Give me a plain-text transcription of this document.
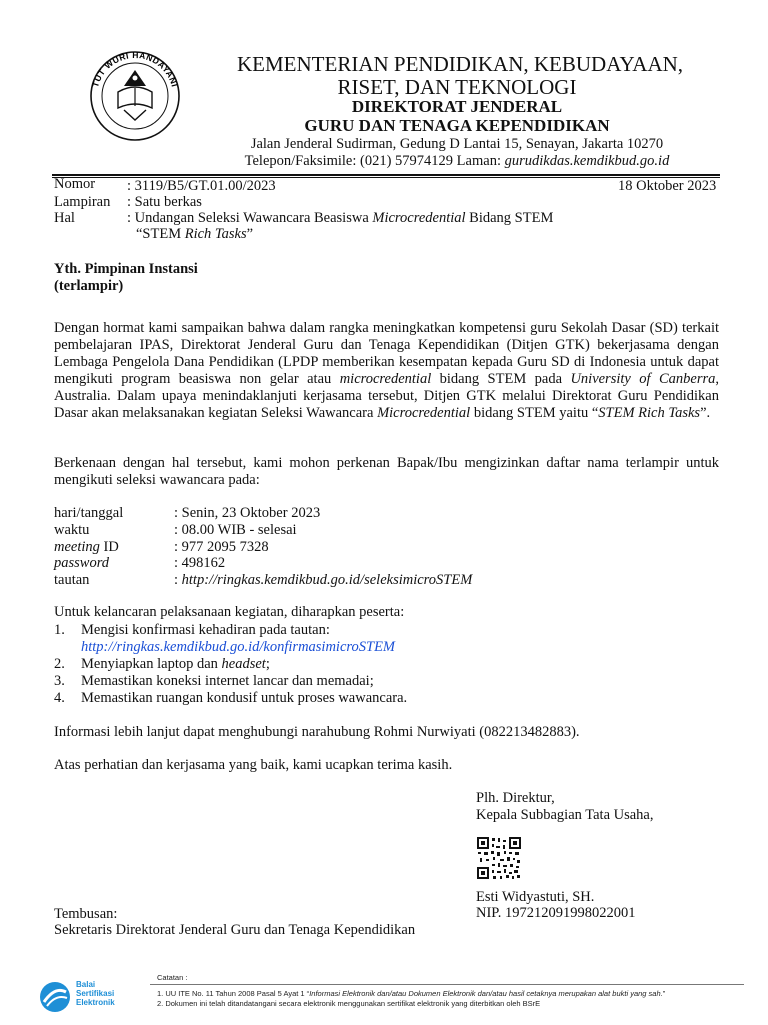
TUT WURI HANDAYANI
KEMENTERIAN PENDIDIKAN, KEBUDAYAAN,
RISET, DAN TEKNOLOGI
DIREKTORAT JENDERAL
GURU DAN TENAGA KEPENDIDIKAN
Jalan Jenderal Sudirman, Gedung D Lantai 15, Senayan, Jakarta 10270
Telepon/Faksimile: (021) 57974129 Laman: gurudikdas.kemdikbud.go.id
Nomor : 3119/B5/GT.01.00/2023	18 Oktober 2023
Lampiran : Satu berkas
Hal	: Undangan Seleksi Wawancara Beasiswa Microcredential Bidang STEM
“STEM Rich Tasks”
Yth. Pimpinan Instansi
(terlampir)
Dengan hormat kami sampaikan bahwa dalam rangka meningkatkan kompetensi guru Sekolah Dasar (SD) terkait pembelajaran IPAS, Direktorat Jenderal Guru dan Tenaga Kependidikan (Ditjen GTK) bekerjasama dengan Lembaga Pengelola Dana Pendidikan (LPDP memberikan kesempatan kepada Guru SD di Indonesia untuk dapat mengikuti program beasiswa non gelar atau microcredential bidang STEM pada University of Canberra, Australia. Dalam upaya menindaklanjuti kerjasama tersebut, Ditjen GTK melalui Direktorat Guru Pendidikan Dasar akan melaksanakan kegiatan Seleksi Wawancara Microcredential bidang STEM yaitu “STEM Rich Tasks”.
Berkenaan dengan hal tersebut, kami mohon perkenan Bapak/Ibu mengizinkan daftar nama terlampir untuk mengikuti seleksi wawancara pada:
hari/tanggal	: Senin, 23 Oktober 2023
waktu	: 08.00 WIB - selesai
meeting ID	: 977 2095 7328
password	: 498162
tautan	: http://ringkas.kemdikbud.go.id/seleksimicroSTEM
Untuk kelancaran pelaksanaan kegiatan, diharapkan peserta:
1. Mengisi konfirmasi kehadiran pada tautan:
http://ringkas.kemdikbud.go.id/konfirmasimicroSTEM
2. Menyiapkan laptop dan headset;
3. Memastikan koneksi internet lancar dan memadai;
4. Memastikan ruangan kondusif untuk proses wawancara.
Informasi lebih lanjut dapat menghubungi narahubung Rohmi Nurwiyati (082213482883).
Atas perhatian dan kerjasama yang baik, kami ucapkan terima kasih.
Plh. Direktur,
Kepala Subbagian Tata Usaha,
Esti Widyastuti, SH.
NIP. 197212091998022001
Tembusan:
Sekretaris Direktorat Jenderal Guru dan Tenaga Kependidikan
Balai
Sertifikasi
Elektronik
Catatan :
1. UU ITE No. 11 Tahun 2008 Pasal 5 Ayat 1 “Informasi Elektronik dan/atau Dokumen Elektronik dan/atau hasil cetaknya merupakan alat bukti yang sah.”
2. Dokumen ini telah ditandatangani secara elektronik menggunakan sertifikat elektronik yang diterbitkan oleh BSrE
